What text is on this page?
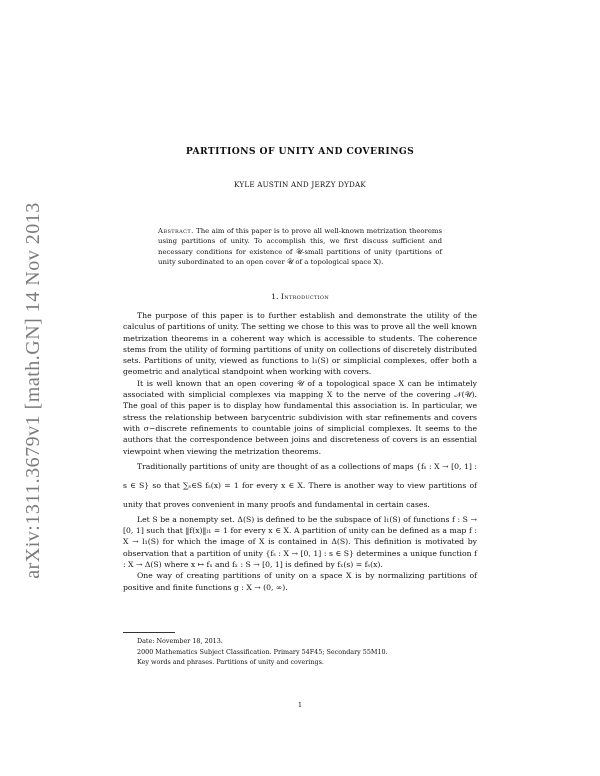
arXiv:1311.3679v1 [math.GN] 14 Nov 2013
PARTITIONS OF UNITY AND COVERINGS
KYLE AUSTIN AND JERZY DYDAK

Abstract. The aim of this paper is to prove all well-known metrization theorems using partitions of unity. To accomplish this, we first discuss sufficient and necessary conditions for existence of 𝒰-small partitions of unity (partitions of unity subordinated to an open cover 𝒰 of a topological space X).

1. Introduction

The purpose of this paper is to further establish and demonstrate the utility of the calculus of partitions of unity. The setting we chose to this was to prove all the well known metrization theorems in a coherent way which is accessible to students. The coherence stems from the utility of forming partitions of unity on collections of discretely distributed sets. Partitions of unity, viewed as functions to l₁(S) or simplicial complexes, offer both a geometric and analytical standpoint when working with covers.

It is well known that an open covering 𝒰 of a topological space X can be intimately associated with simplicial complexes via mapping X to the nerve of the covering 𝒩(𝒰). The goal of this paper is to display how fundamental this association is. In particular, we stress the relationship between barycentric subdivision with star refinements and covers with σ−discrete refinements to countable joins of simplicial complexes. It seems to the authors that the correspondence between joins and discreteness of covers is an essential viewpoint when viewing the metrization theorems.

Traditionally partitions of unity are thought of as a collections of maps {fₛ : X → [0, 1] : s ∈ S} so that ∑ₛ∈S fₛ(x) = 1 for every x ∈ X. There is another way to view partitions of unity that proves convenient in many proofs and fundamental in certain cases.

Let S be a nonempty set. Δ(S) is defined to be the subspace of l₁(S) of functions f : S → [0, 1] such that ‖f(x)‖ₗ₁ = 1 for every x ∈ X. A partition of unity can be defined as a map f : X → l₁(S) for which the image of X is contained in Δ(S). This definition is motivated by observation that a partition of unity {fₛ : X → [0, 1] : s ∈ S} determines a unique function f : X → Δ(S) where x ↦ fₓ and fₓ : S → [0, 1] is defined by fₓ(s) = fₛ(x).

One way of creating partitions of unity on a space X is by normalizing partitions of positive and finite functions g : X → (0, ∞).

Date: November 18, 2013.

2000 Mathematics Subject Classification. Primary 54F45; Secondary 55M10.

Key words and phrases. Partitions of unity and coverings.

1
